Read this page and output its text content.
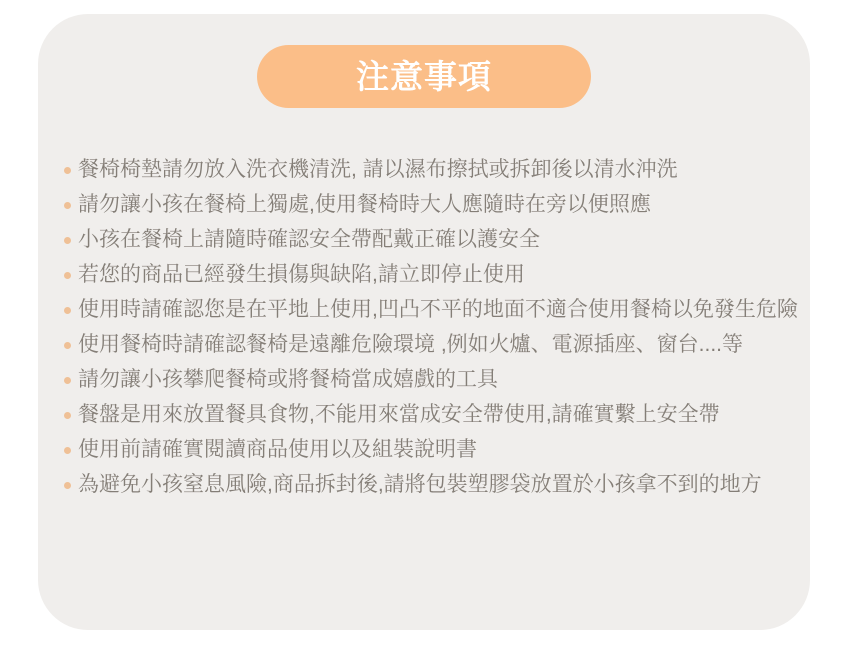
注意事項
餐椅椅墊請勿放入洗衣機清洗, 請以濕布擦拭或拆卸後以清水沖洗
請勿讓小孩在餐椅上獨處,使用餐椅時大人應隨時在旁以便照應
小孩在餐椅上請隨時確認安全帶配戴正確以護安全
若您的商品已經發生損傷與缺陷,請立即停止使用
使用時請確認您是在平地上使用,凹凸不平的地面不適合使用餐椅以免發生危險
使用餐椅時請確認餐椅是遠離危險環境 ,例如火爐、電源插座、窗台....等
請勿讓小孩攀爬餐椅或將餐椅當成嬉戲的工具
餐盤是用來放置餐具食物,不能用來當成安全帶使用,請確實繫上安全帶
使用前請確實閱讀商品使用以及組裝說明書
為避免小孩窒息風險,商品拆封後,請將包裝塑膠袋放置於小孩拿不到的地方
